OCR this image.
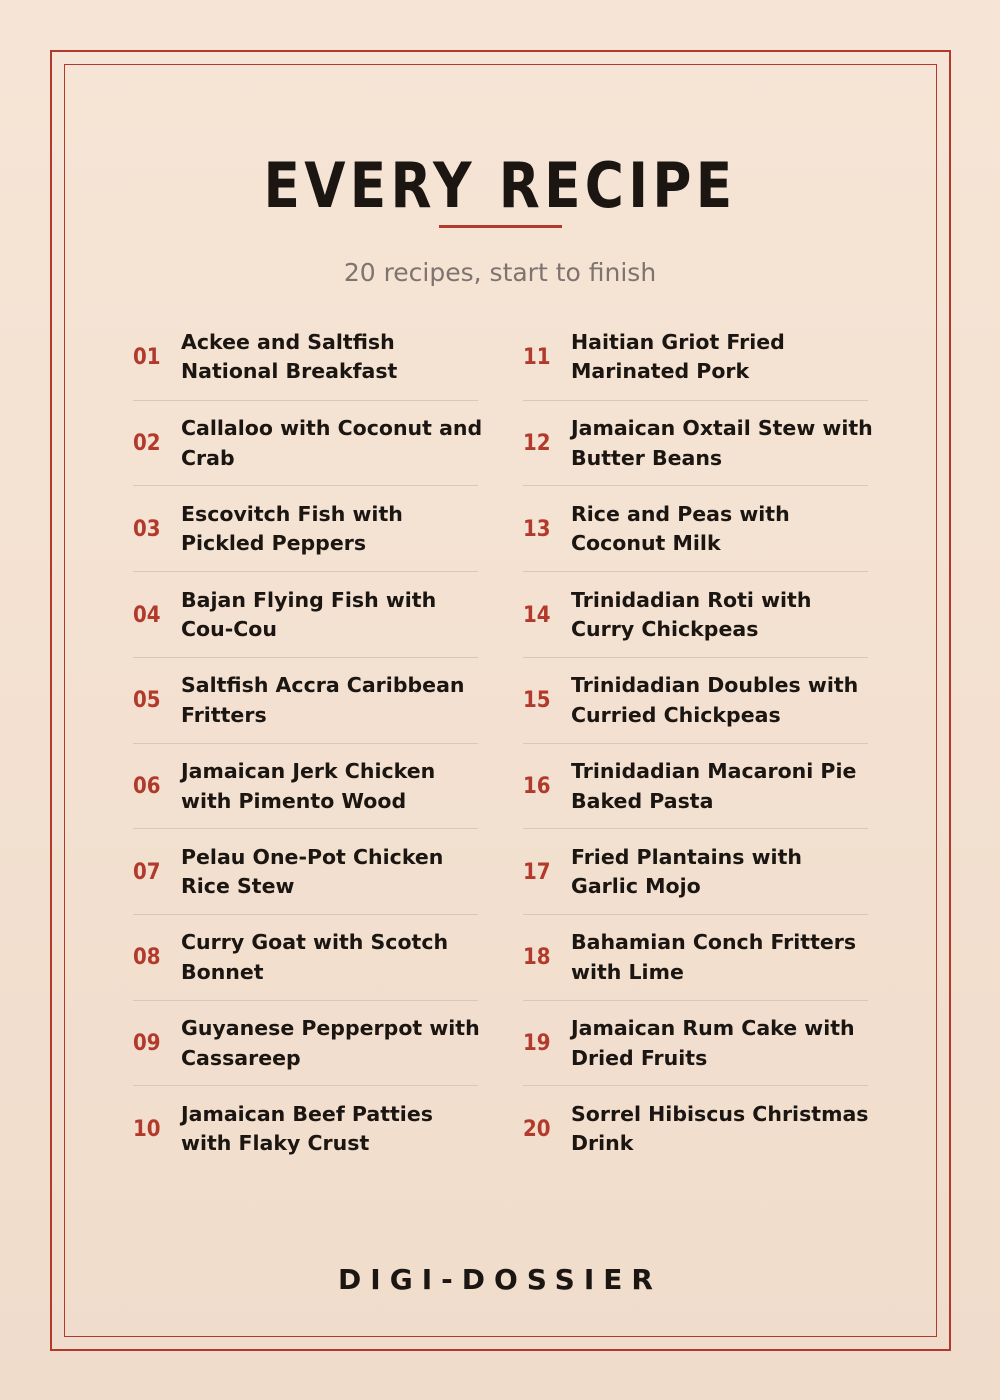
EVERY RECIPE
20 recipes, start to finish
01
Ackee and Saltfish National Breakfast
02
Callaloo with Coconut and Crab
03
Escovitch Fish with Pickled Peppers
04
Bajan Flying Fish with Cou-Cou
05
Saltfish Accra Caribbean Fritters
06
Jamaican Jerk Chicken with Pimento Wood
07
Pelau One-Pot Chicken Rice Stew
08
Curry Goat with Scotch Bonnet
09
Guyanese Pepperpot with Cassareep
10
Jamaican Beef Patties with Flaky Crust
11
Haitian Griot Fried Marinated Pork
12
Jamaican Oxtail Stew with Butter Beans
13
Rice and Peas with Coconut Milk
14
Trinidadian Roti with Curry Chickpeas
15
Trinidadian Doubles with Curried Chickpeas
16
Trinidadian Macaroni Pie Baked Pasta
17
Fried Plantains with Garlic Mojo
18
Bahamian Conch Fritters with Lime
19
Jamaican Rum Cake with Dried Fruits
20
Sorrel Hibiscus Christmas Drink
DIGI-DOSSIER
